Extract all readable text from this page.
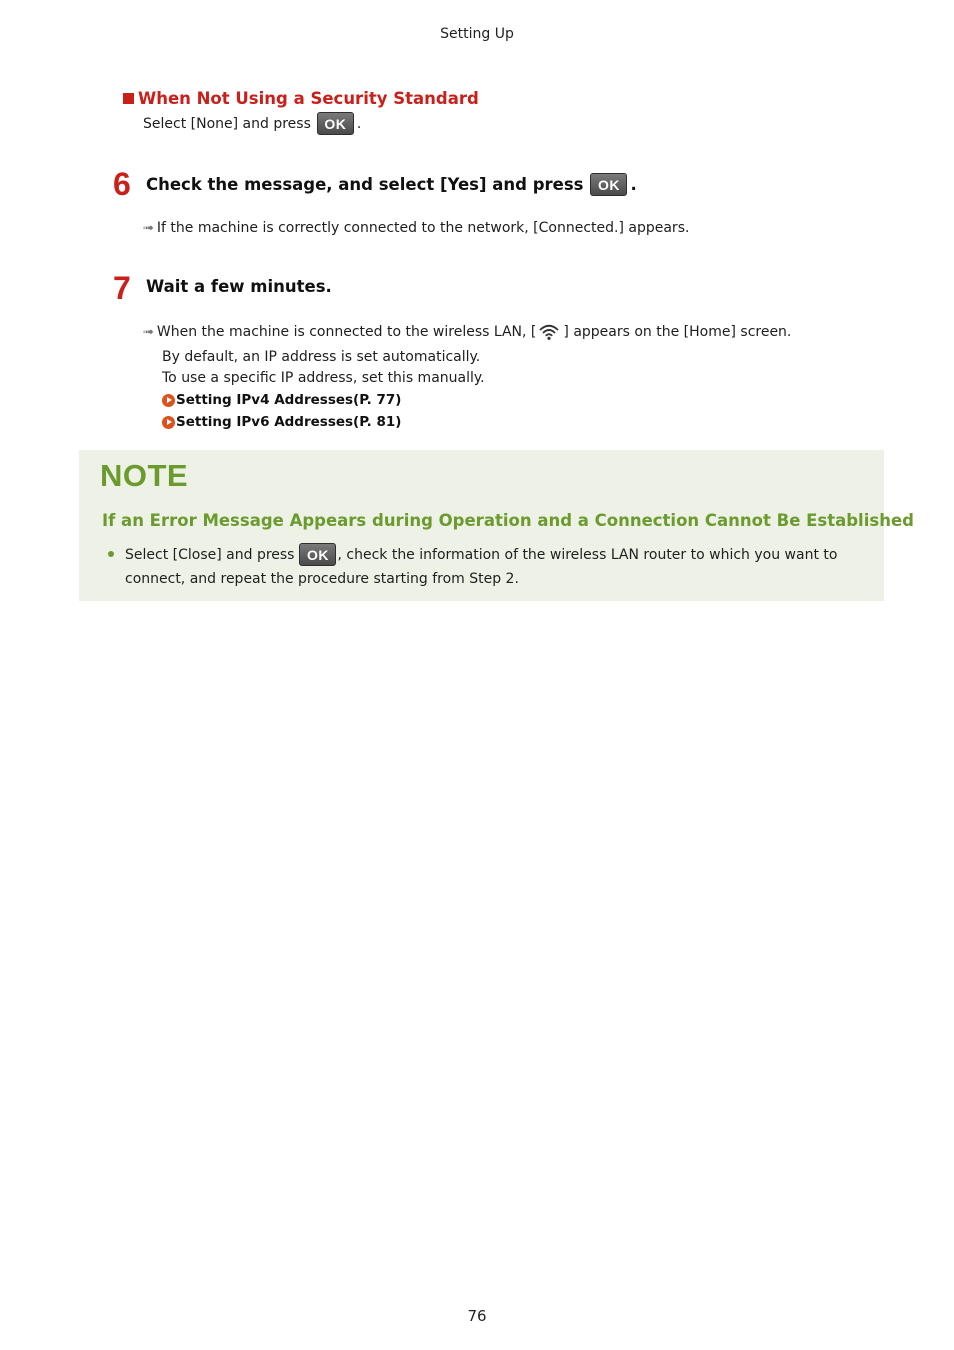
Setting Up
When Not Using a Security Standard
Select [None] and press OK .
6 Check the message, and select [Yes] and press	OK .
➟ If the machine is correctly connected to the network, [Connected.] appears.
7 Wait a few minutes.
➟ When the machine is connected to the wireless LAN, [ ] appears on the [Home] screen.
By default, an IP address is set automatically.
To use a specific IP address, set this manually.
Setting IPv4 Addresses(P. 77)
Setting IPv6 Addresses(P. 81)
NOTE
If an Error Message Appears during Operation and a Connection Cannot Be Established
Select [Close] and press OK , check the information of the wireless LAN router to which you want to
connect, and repeat the procedure starting from Step 2.
76
